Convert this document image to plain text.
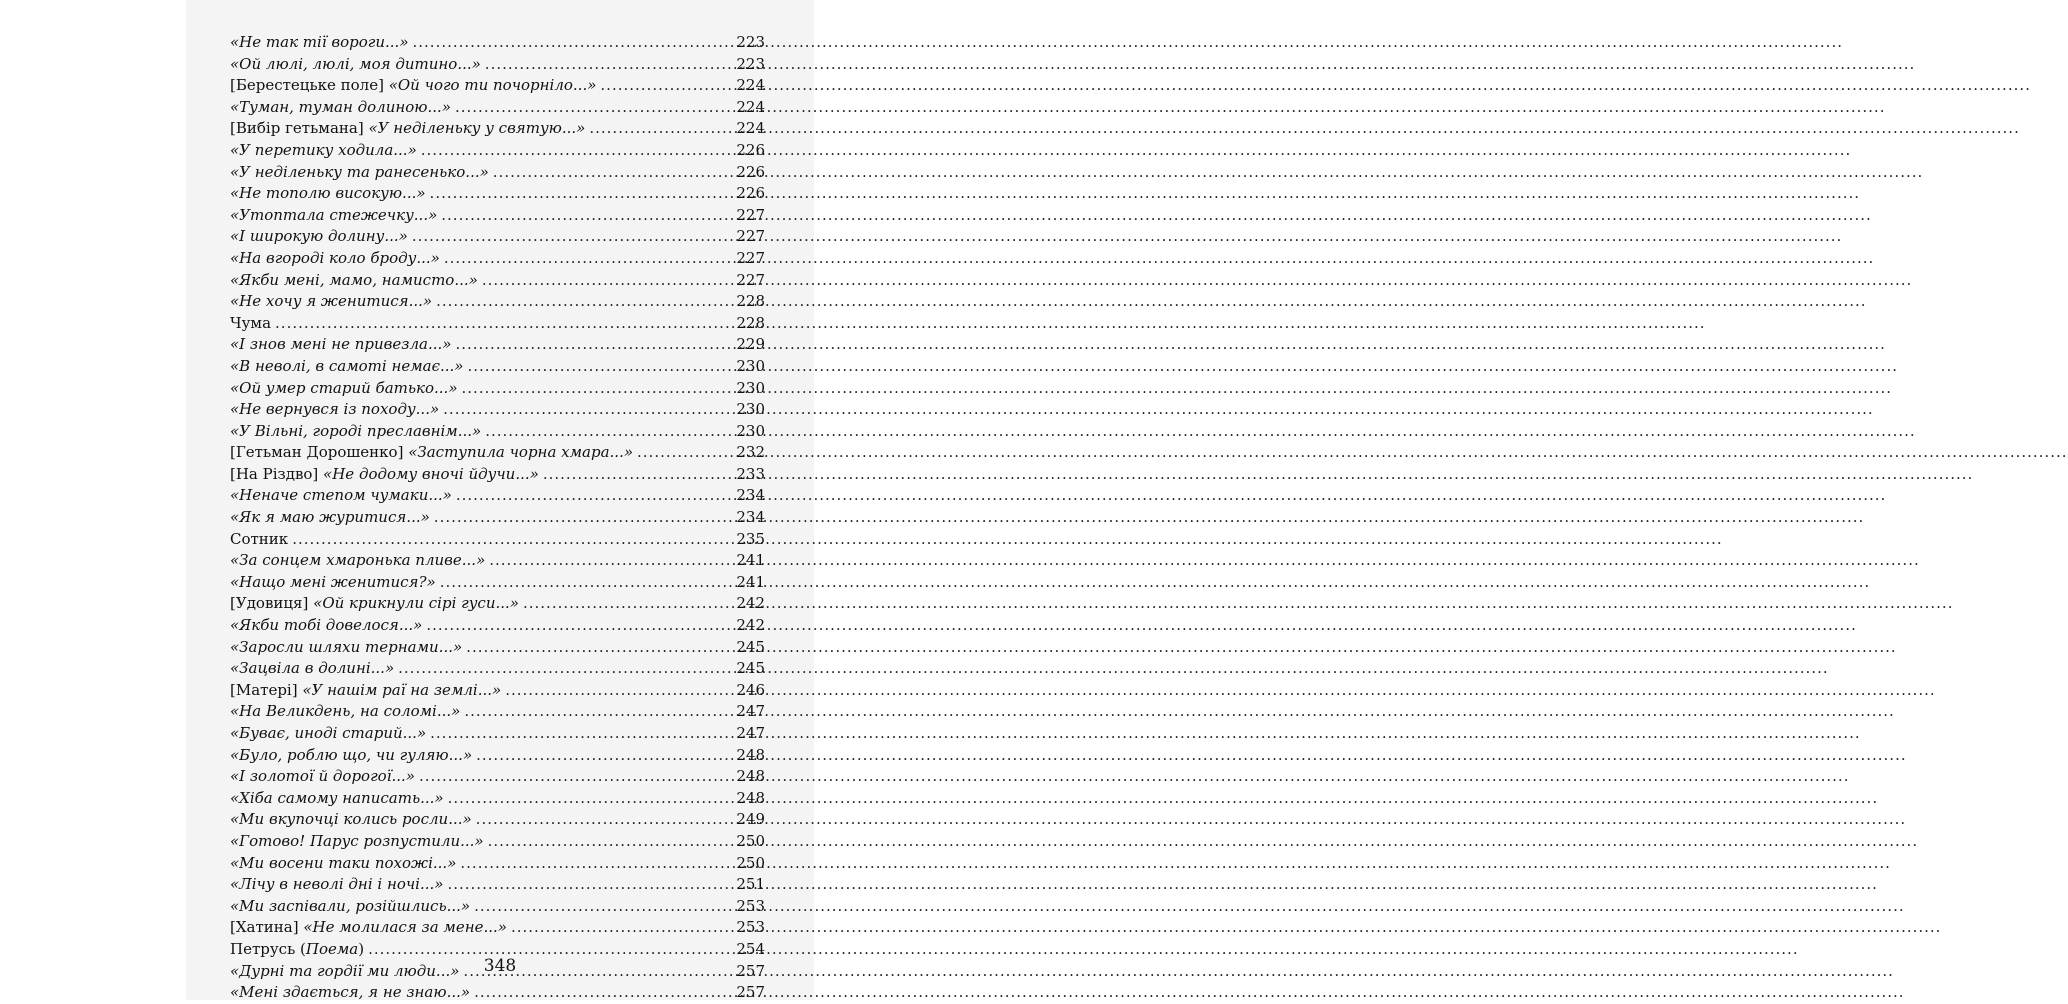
«Не так тії вороги...» .....	223
«Ой люлі, люлі, моя дитино...» .....	223
[Берестецьке поле] «Ой чого ти почорніло...» .....	224
«Туман, туман долиною...» .....	224
[Вибір гетьмана] «У неділеньку у святую...» .....	224
«У перетику ходила...» .....	226
«У неділеньку та ранесенько...» .....	226
«Не тополю високую...» .....	226
«Утоптала стежечку...» .....	227
«І широкую долину...» .....	227
«На вгороді коло броду...» .....	227
«Якби мені, мамо, намисто...» .....	227
«Не хочу я женитися...» .....	228
Чума .....	228
«І знов мені не привезла...» .....	229
«В неволі, в самоті немає...» .....	230
«Ой умер старий батько...» .....	230
«Не вернувся із походу...» .....	230
«У Вільні, городі преславнім...» .....	230
[Гетьман Дорошенко] «Заступила чорна хмара...» .....	232
[На Різдво] «Не додому вночі йдучи...» .....	233
«Неначе степом чумаки...» .....	234
«Як я маю журитися...» .....	234
Сотник .....	235
«За сонцем хмаронька пливе...» .....	241
«Нащо мені женитися?» .....	241
[Удовиця] «Ой крикнули сірі гуси...» .....	242
«Якби тобі довелося...» .....	242
«Заросли шляхи тернами...» .....	245
«Зацвіла в долині...» .....	245
[Матері] «У нашім раї на землі...» .....	246
«На Великдень, на соломі...» .....	247
«Буває, иноді старий...» .....	247
«Було, роблю що, чи гуляю...» .....	248
«І золотої й дорогої...» .....	248
«Хіба самому написать...» .....	248
«Ми вкупочці колись росли...» .....	249
«Готово! Парус розпустили...» .....	250
«Ми восени таки похожі...» .....	250
«Лічу в неволі дні і ночі...» .....	251
«Ми заспівали, розійшлись...» .....	253
[Хатина] «Не молилася за мене...» .....	253
Петрусь (Поема) .....	254
«Дурні та гордії ми люди...» .....	257
«Мені здається, я не знаю...» .....	257
348
